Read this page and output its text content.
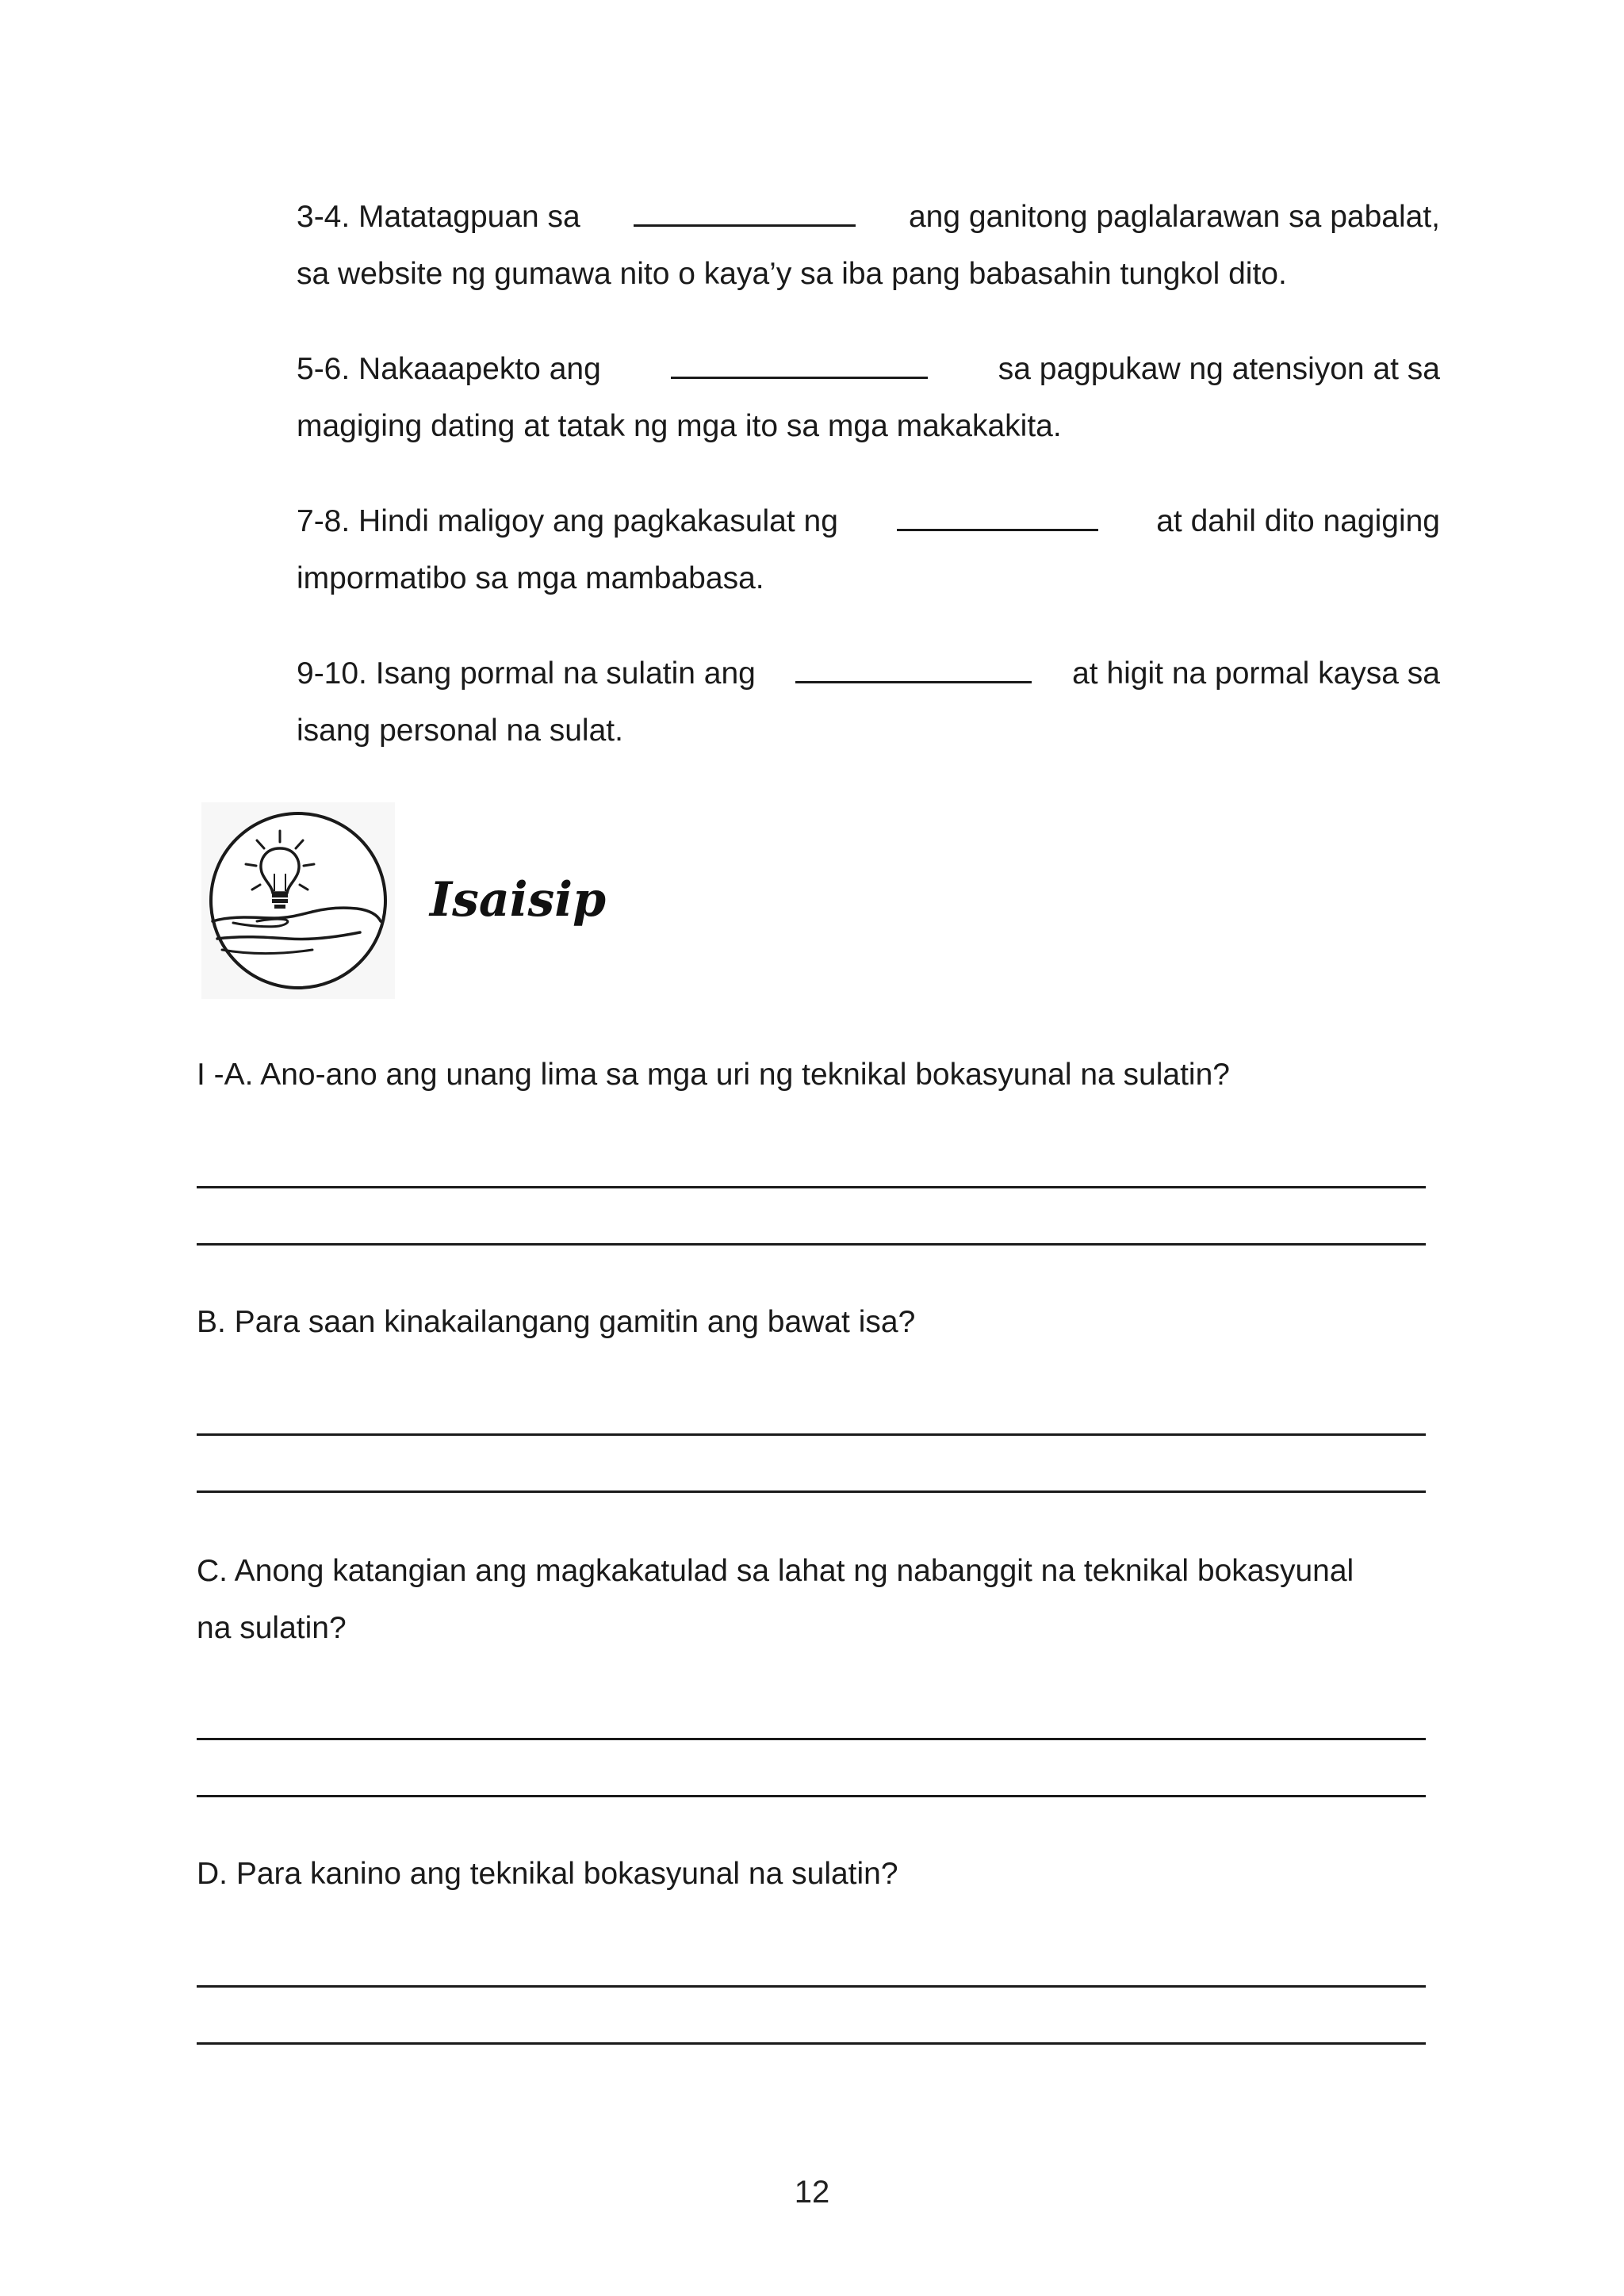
3-4. Matatagpuan sa	ang ganitong paglalarawan sa pabalat,
sa website ng gumawa nito o kaya’y sa iba pang babasahin tungkol dito.
5-6. Nakaaapekto ang	sa pagpukaw ng atensiyon at sa
magiging dating at tatak ng mga ito sa mga makakakita.
7-8. Hindi maligoy ang pagkakasulat ng	at dahil dito nagiging
impormatibo sa mga mambabasa.
9-10. Isang pormal na sulatin ang	at higit na pormal kaysa sa
isang personal na sulat.
Isaisip
I -A. Ano-ano ang unang lima sa mga uri ng teknikal bokasyunal na sulatin?
B. Para saan kinakailangang gamitin ang bawat isa?
C. Anong katangian ang magkakatulad sa lahat ng nabanggit na teknikal bokasyunal
na sulatin?
D. Para kanino ang teknikal bokasyunal na sulatin?
12
